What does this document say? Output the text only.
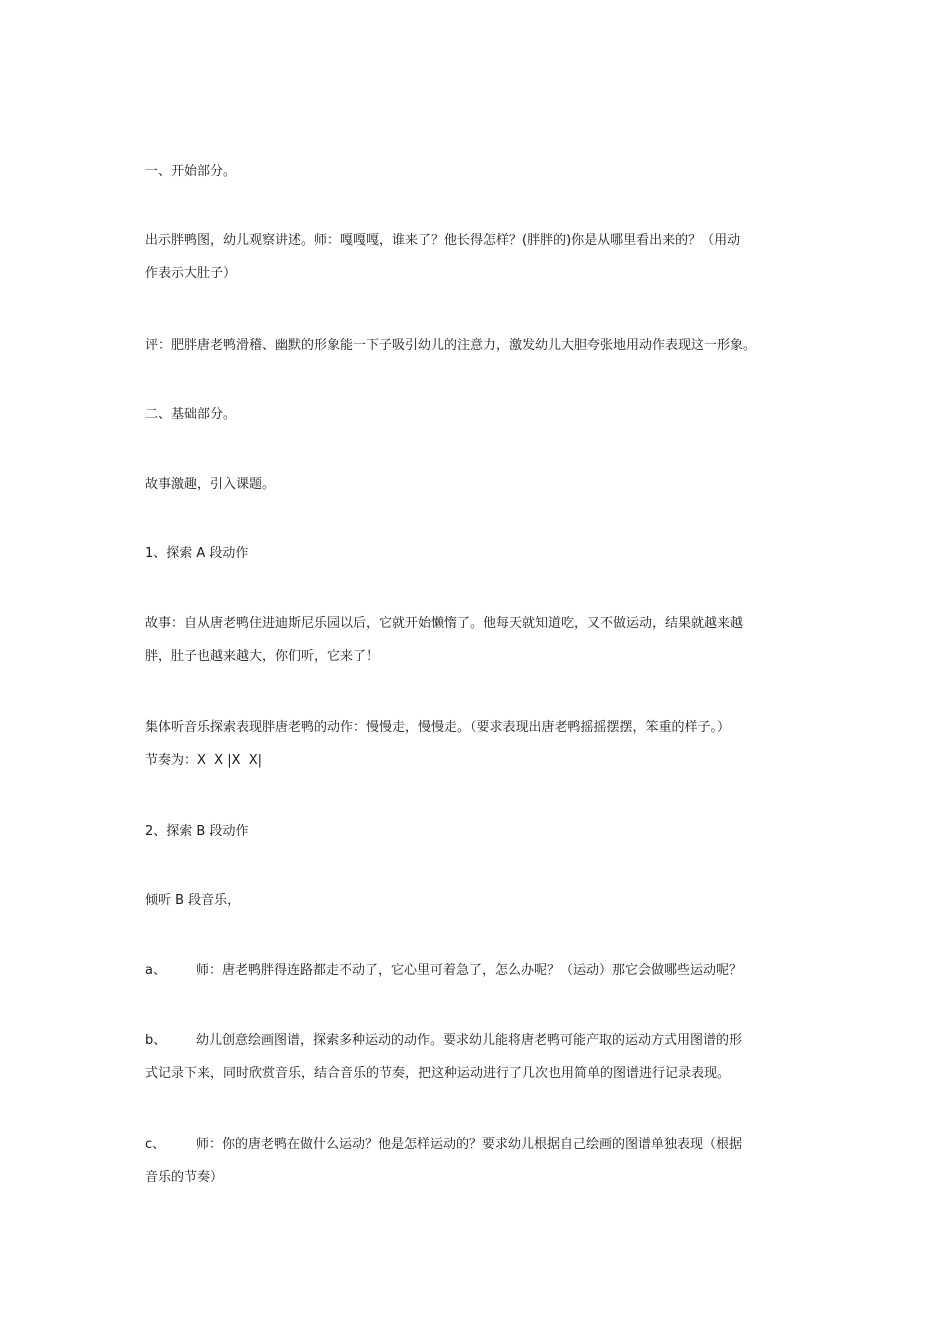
一、开始部分。
出示胖鸭图，幼儿观察讲述。师：嘎嘎嘎，谁来了？他长得怎样？(胖胖的)你是从哪里看出来的？（用动
作表示大肚子）
评：肥胖唐老鸭滑稽、幽默的形象能一下子吸引幼儿的注意力，激发幼儿大胆夸张地用动作表现这一形象。
二、基础部分。
故事激趣，引入课题。
1、探索 A 段动作
故事：自从唐老鸭住进迪斯尼乐园以后，它就开始懒惰了。他每天就知道吃，又不做运动，结果就越来越
胖，肚子也越来越大，你们听，它来了！
集体听音乐探索表现胖唐老鸭的动作：慢慢走，慢慢走。（要求表现出唐老鸭摇摇摆摆，笨重的样子。）
节奏为：X  X |X  X|
2、探索 B 段动作
倾听 B 段音乐，
a、 师：唐老鸭胖得连路都走不动了，它心里可着急了，怎么办呢？（运动）那它会做哪些运动呢？
b、 幼儿创意绘画图谱，探索多种运动的动作。要求幼儿能将唐老鸭可能产取的运动方式用图谱的形
式记录下来，同时欣赏音乐，结合音乐的节奏，把这种运动进行了几次也用简单的图谱进行记录表现。
c、 师：你的唐老鸭在做什么运动？他是怎样运动的？要求幼儿根据自己绘画的图谱单独表现（根据
音乐的节奏）
